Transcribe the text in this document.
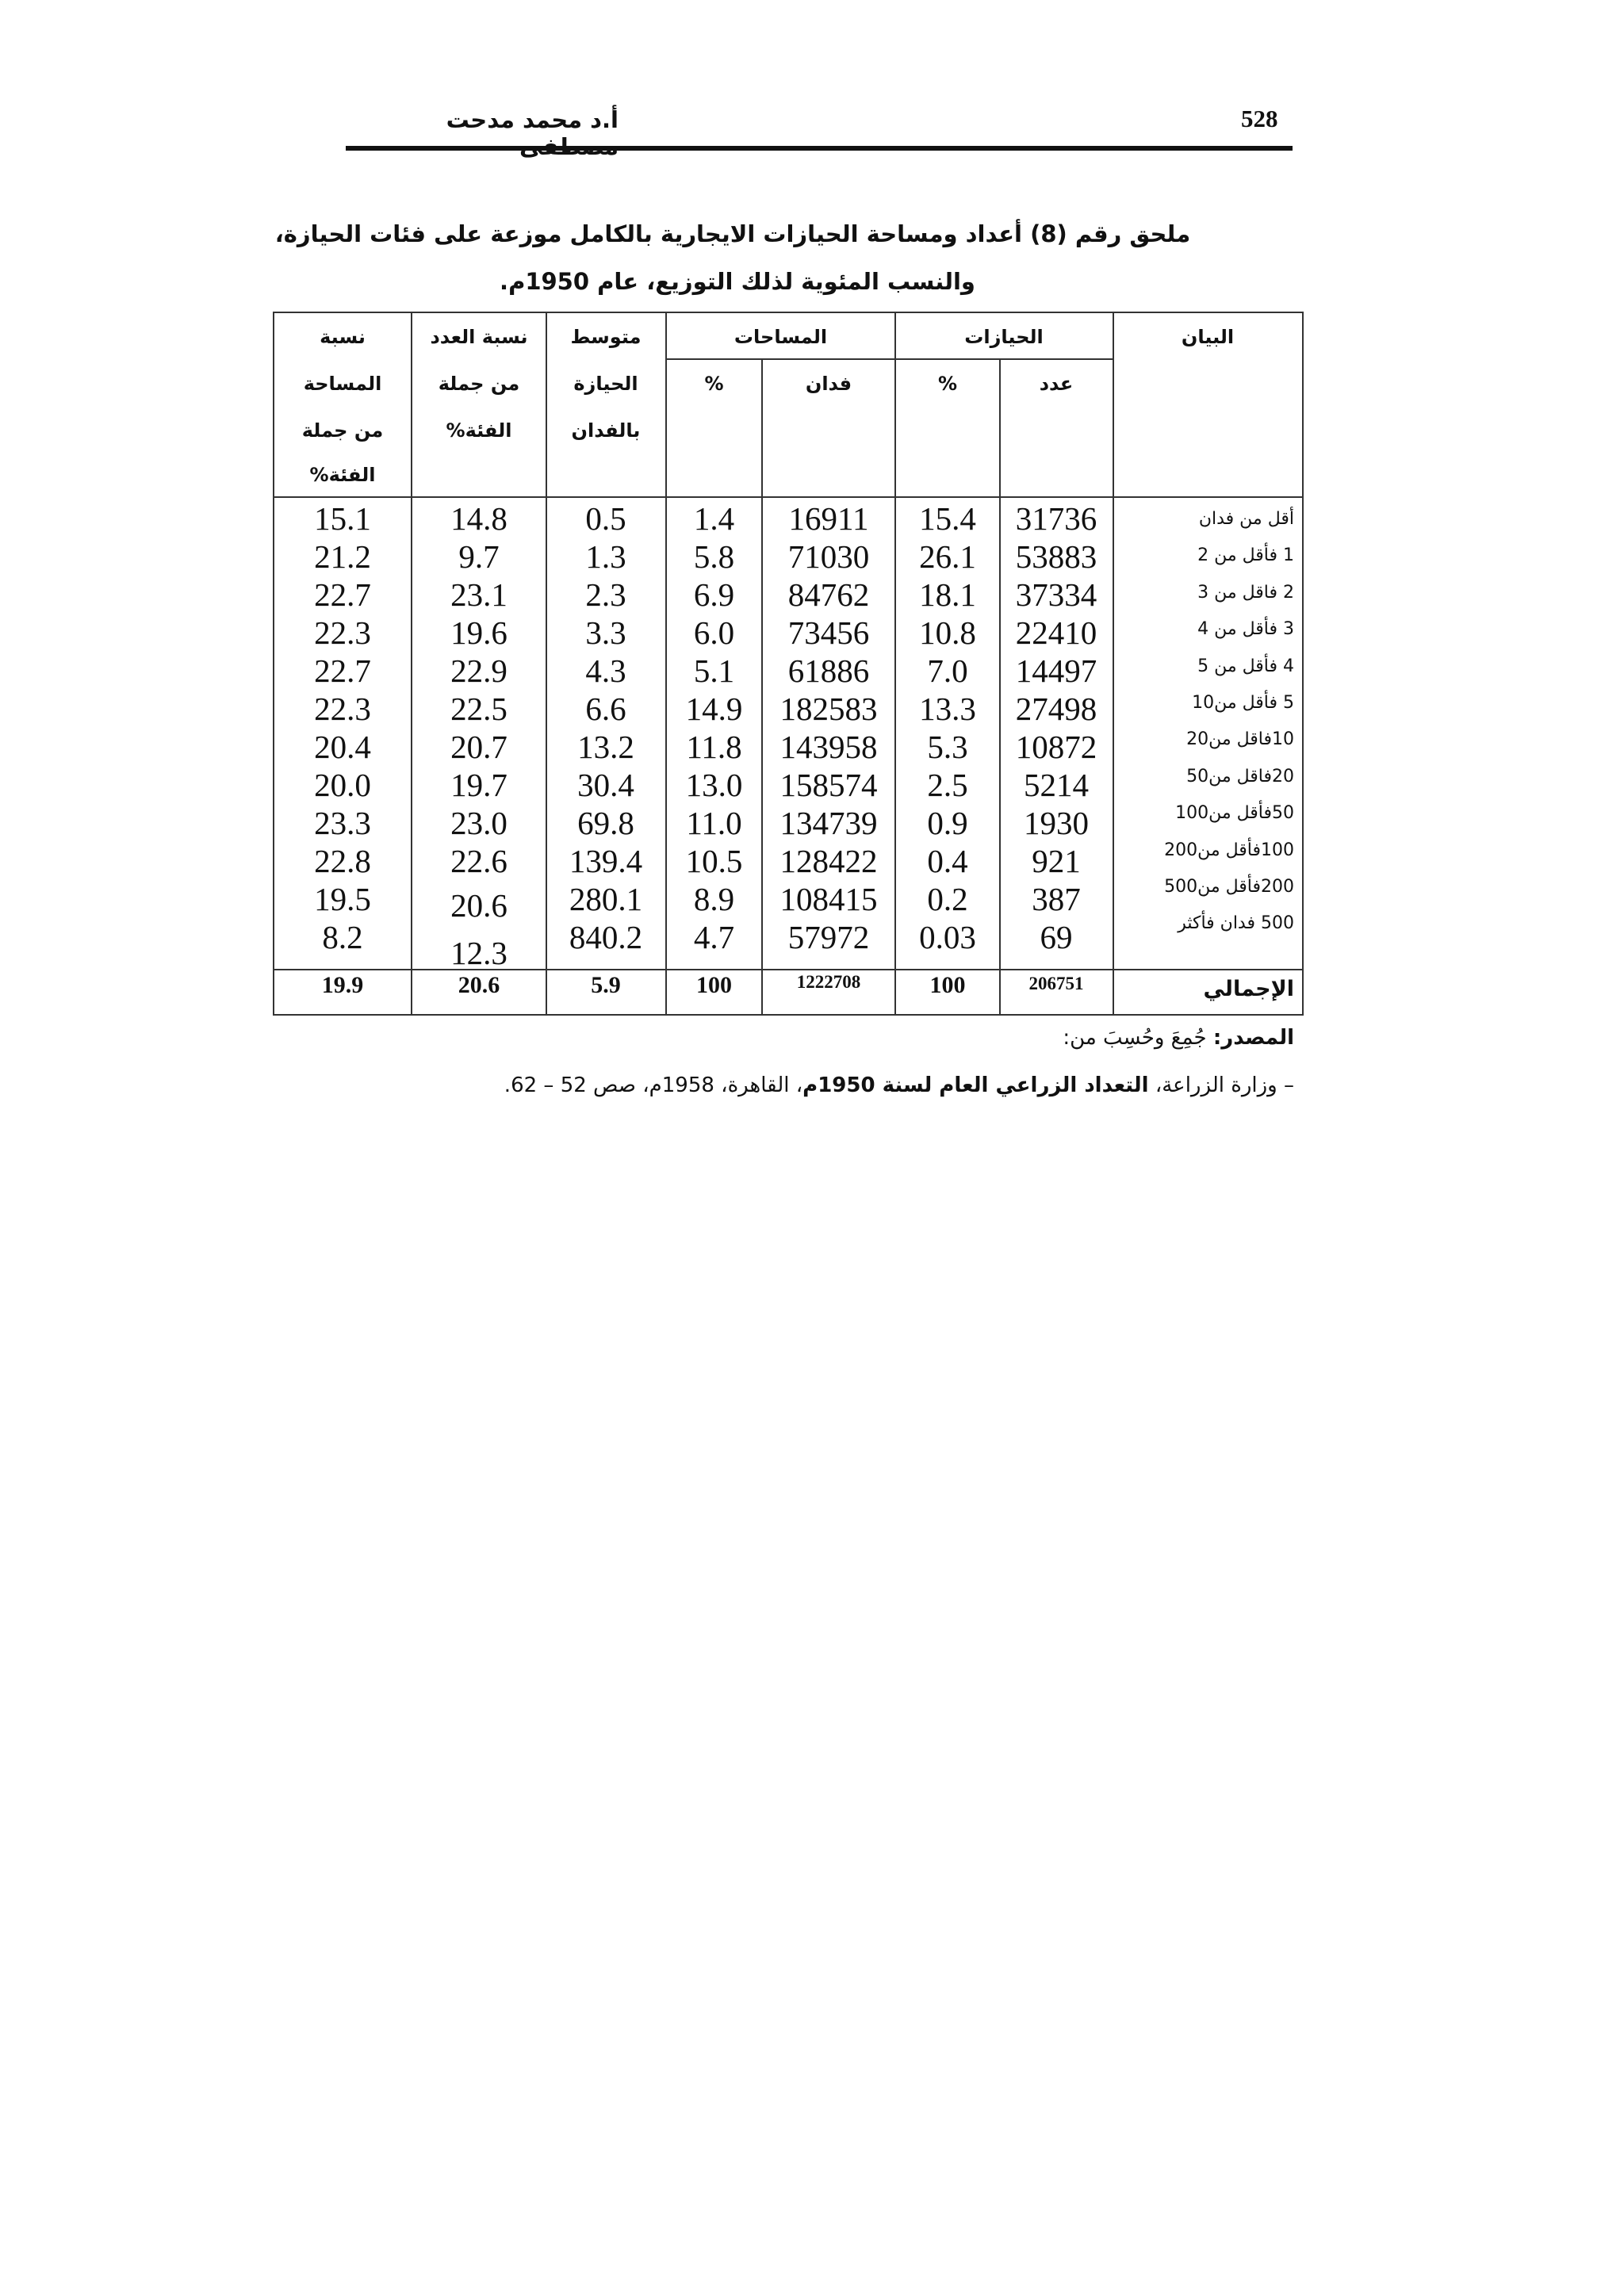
528
أ.د محمد مدحت
ملحق رقم (8) أعداد ومساحة الحيازات الايجارية بالكامل موزعة على فئات الحيازة،
والنسب المئوية لذلك التوزيع، عام 1950م.
البيان
الحيازات
عدد
%
المساحات
فدان
%
متوسط
الحيازة
بالفدان
نسبة العدد
من جملة
الفئة%
نسبة
المساحة
من جملة
الفئة%
أقل من فدان
31736
15.4
16911
1.4
0.5
14.8
15.1
1 فأقل من 2
53883
26.1
71030
5.8
1.3
9.7
21.2
2 فاقل من 3
37334
18.1
84762
6.9
2.3
23.1
22.7
3 فأقل من 4
22410
10.8
73456
6.0
3.3
19.6
22.3
4 فأقل من 5
14497
7.0
61886
5.1
4.3
22.9
22.7
5 فأقل من10
27498
13.3
182583
14.9
6.6
22.5
22.3
10فاقل من20
10872
5.3
143958
11.8
13.2
20.7
20.4
20فاقل من50
5214
2.5
158574
13.0
30.4
19.7
20.0
50فأقل من100
1930
0.9
134739
11.0
69.8
23.0
23.3
100فأقل من200
921
0.4
128422
10.5
139.4
22.6
22.8
200فأقل من500
387
0.2
108415
8.9
280.1
20.6
19.5
500 فدان فأكثر
69
0.03
57972
4.7
840.2
12.3
8.2
الإجمالي
206751
100
1222708
100
5.9
20.6
19.9
المصدر: جُمِعَ وحُسِبَ من:
– وزارة الزراعة، التعداد الزراعي العام لسنة 1950م، القاهرة، 1958م، صص 52 – 62.
